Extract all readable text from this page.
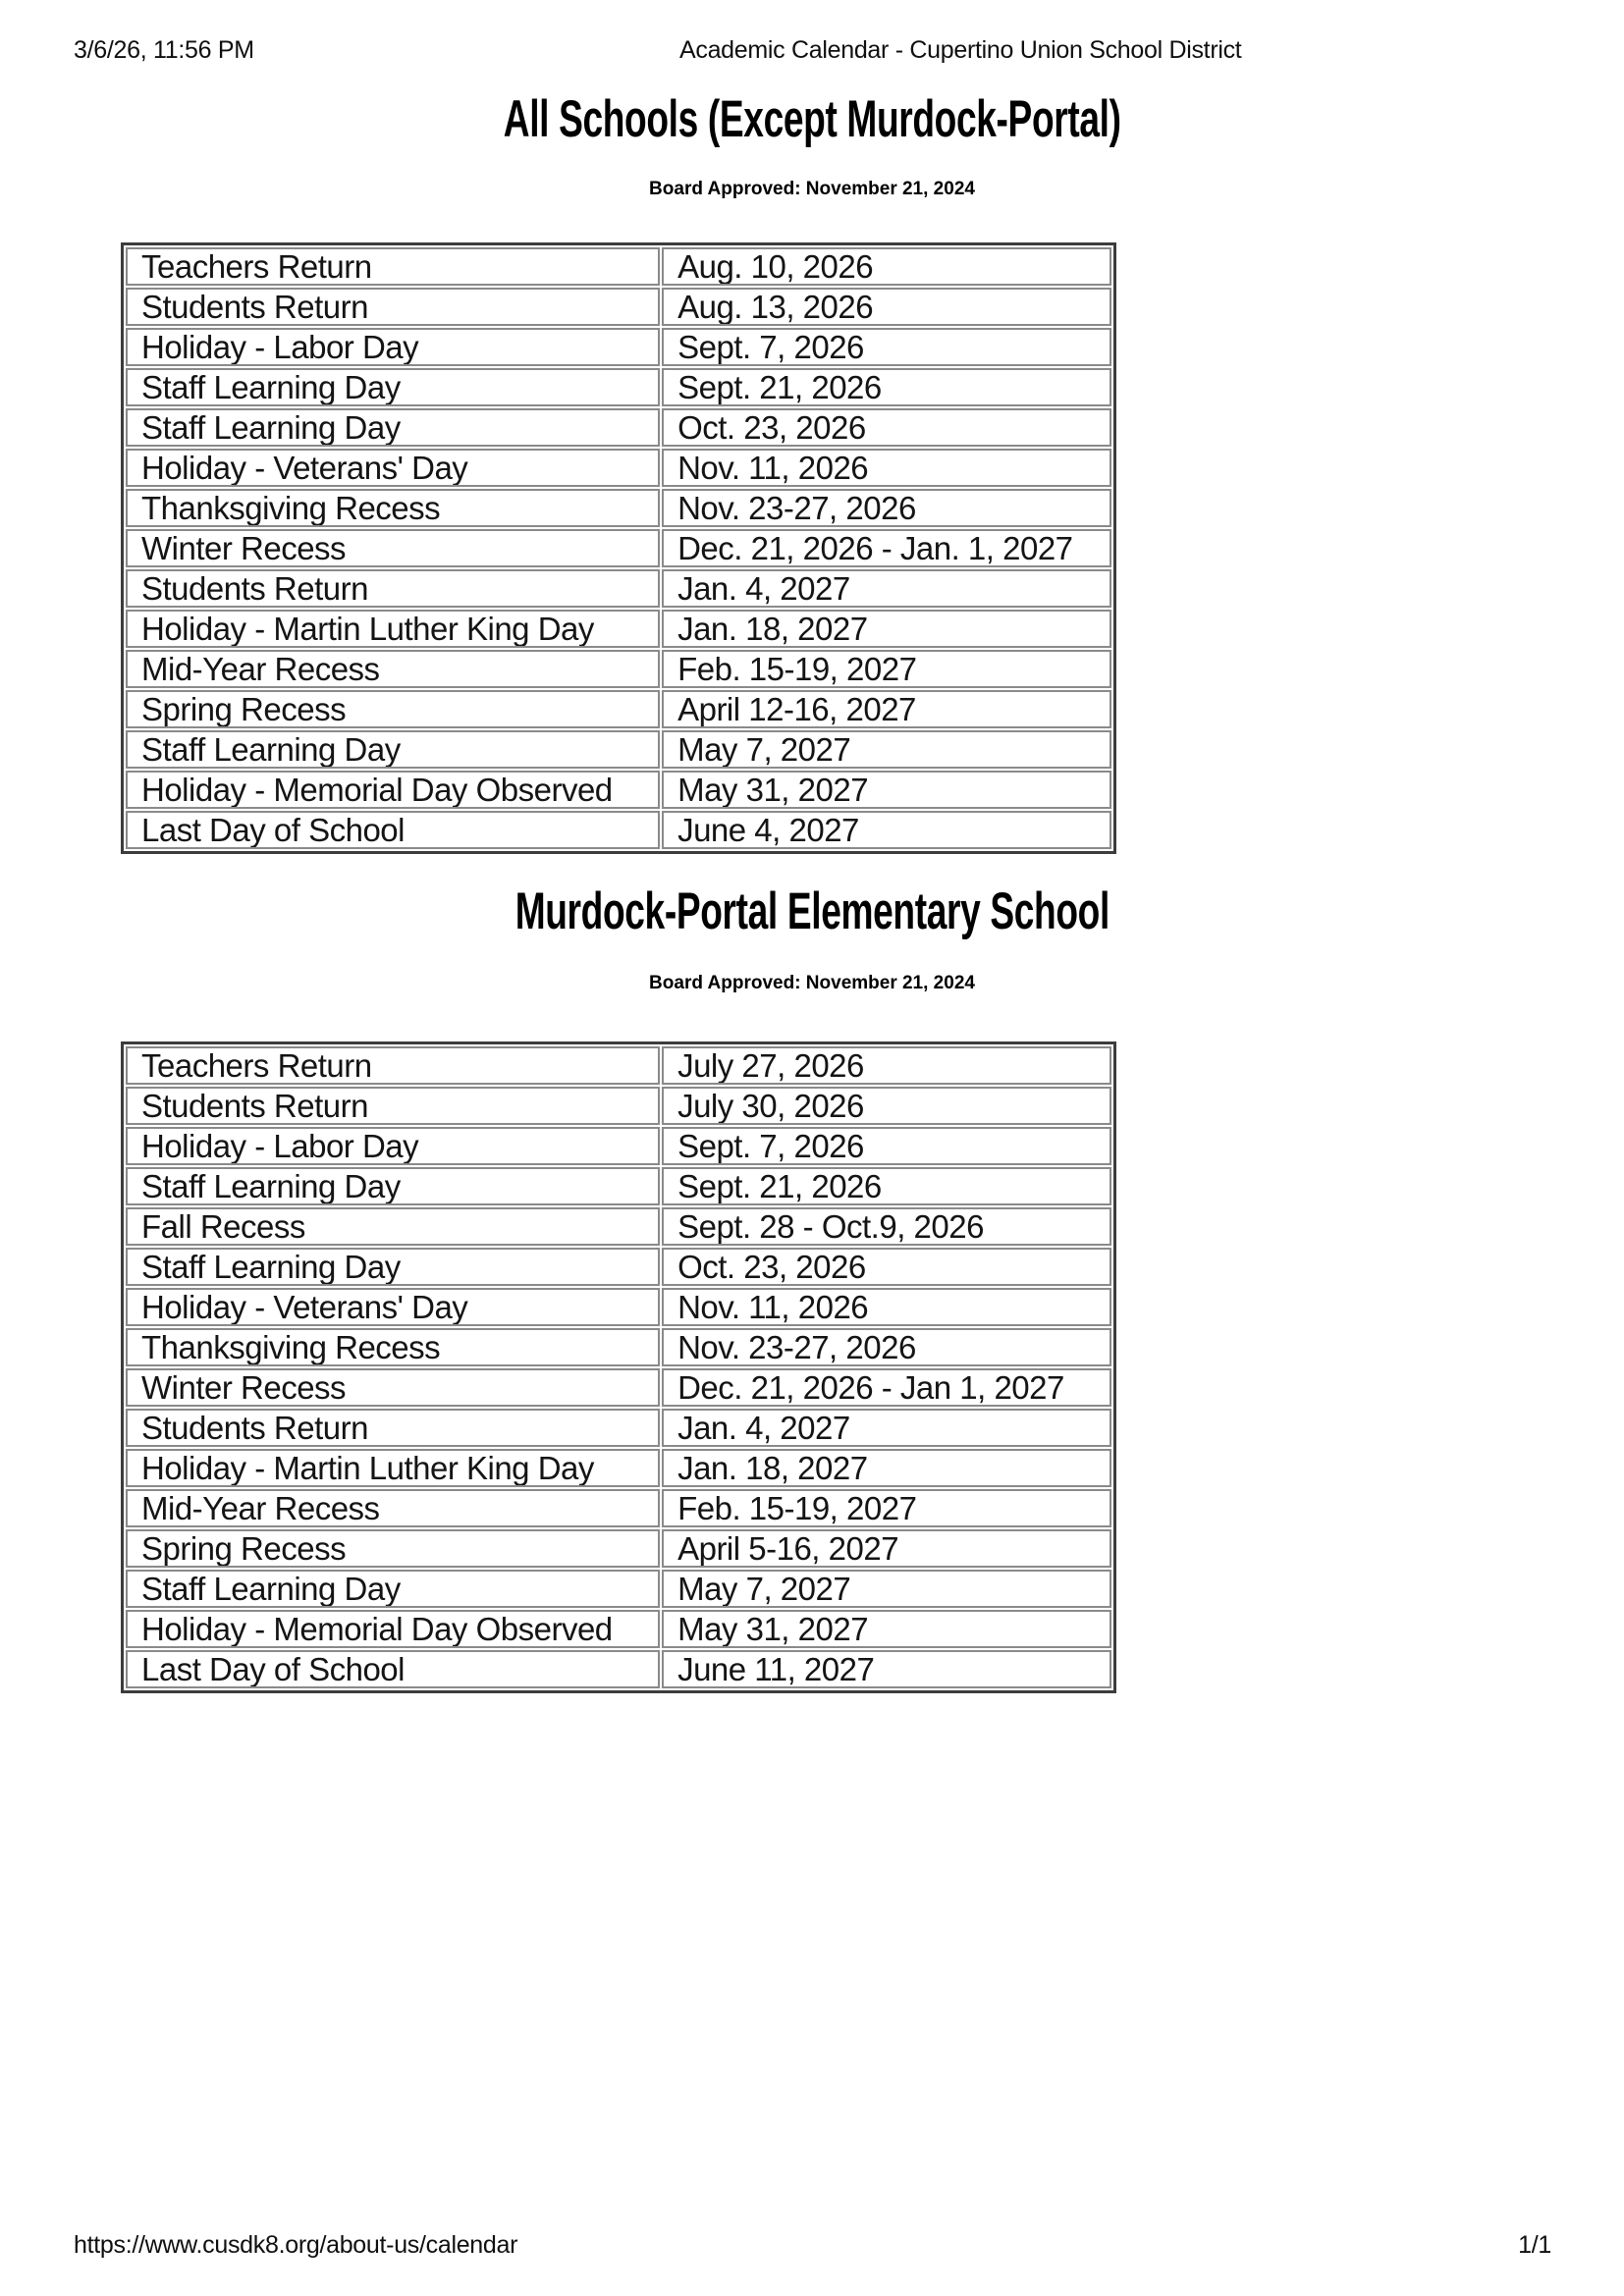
3/6/26, 11:56 PM	Academic Calendar - Cupertino Union School District
All Schools (Except Murdock-Portal)
Board Approved: November 21, 2024
Teachers Return	Aug. 10, 2026
Students Return	Aug. 13, 2026
Holiday - Labor Day	Sept. 7, 2026
Staff Learning Day	Sept. 21, 2026
Staff Learning Day	Oct. 23, 2026
Holiday - Veterans' Day	Nov. 11, 2026
Thanksgiving Recess	Nov. 23-27, 2026
Winter Recess	Dec. 21, 2026 - Jan. 1, 2027
Students Return	Jan. 4, 2027
Holiday - Martin Luther King Day	Jan. 18, 2027
Mid-Year Recess	Feb. 15-19, 2027
Spring Recess	April 12-16, 2027
Staff Learning Day	May 7, 2027
Holiday - Memorial Day Observed	May 31, 2027
Last Day of School	June 4, 2027
Murdock-Portal Elementary School
Board Approved: November 21, 2024
Teachers Return	July 27, 2026
Students Return	July 30, 2026
Holiday - Labor Day	Sept. 7, 2026
Staff Learning Day	Sept. 21, 2026
Fall Recess	Sept. 28 - Oct.9, 2026
Staff Learning Day	Oct. 23, 2026
Holiday - Veterans' Day	Nov. 11, 2026
Thanksgiving Recess	Nov. 23-27, 2026
Winter Recess	Dec. 21, 2026 - Jan 1, 2027
Students Return	Jan. 4, 2027
Holiday - Martin Luther King Day	Jan. 18, 2027
Mid-Year Recess	Feb. 15-19, 2027
Spring Recess	April 5-16, 2027
Staff Learning Day	May 7, 2027
Holiday - Memorial Day Observed	May 31, 2027
Last Day of School	June 11, 2027
https://www.cusdk8.org/about-us/calendar	1/1
